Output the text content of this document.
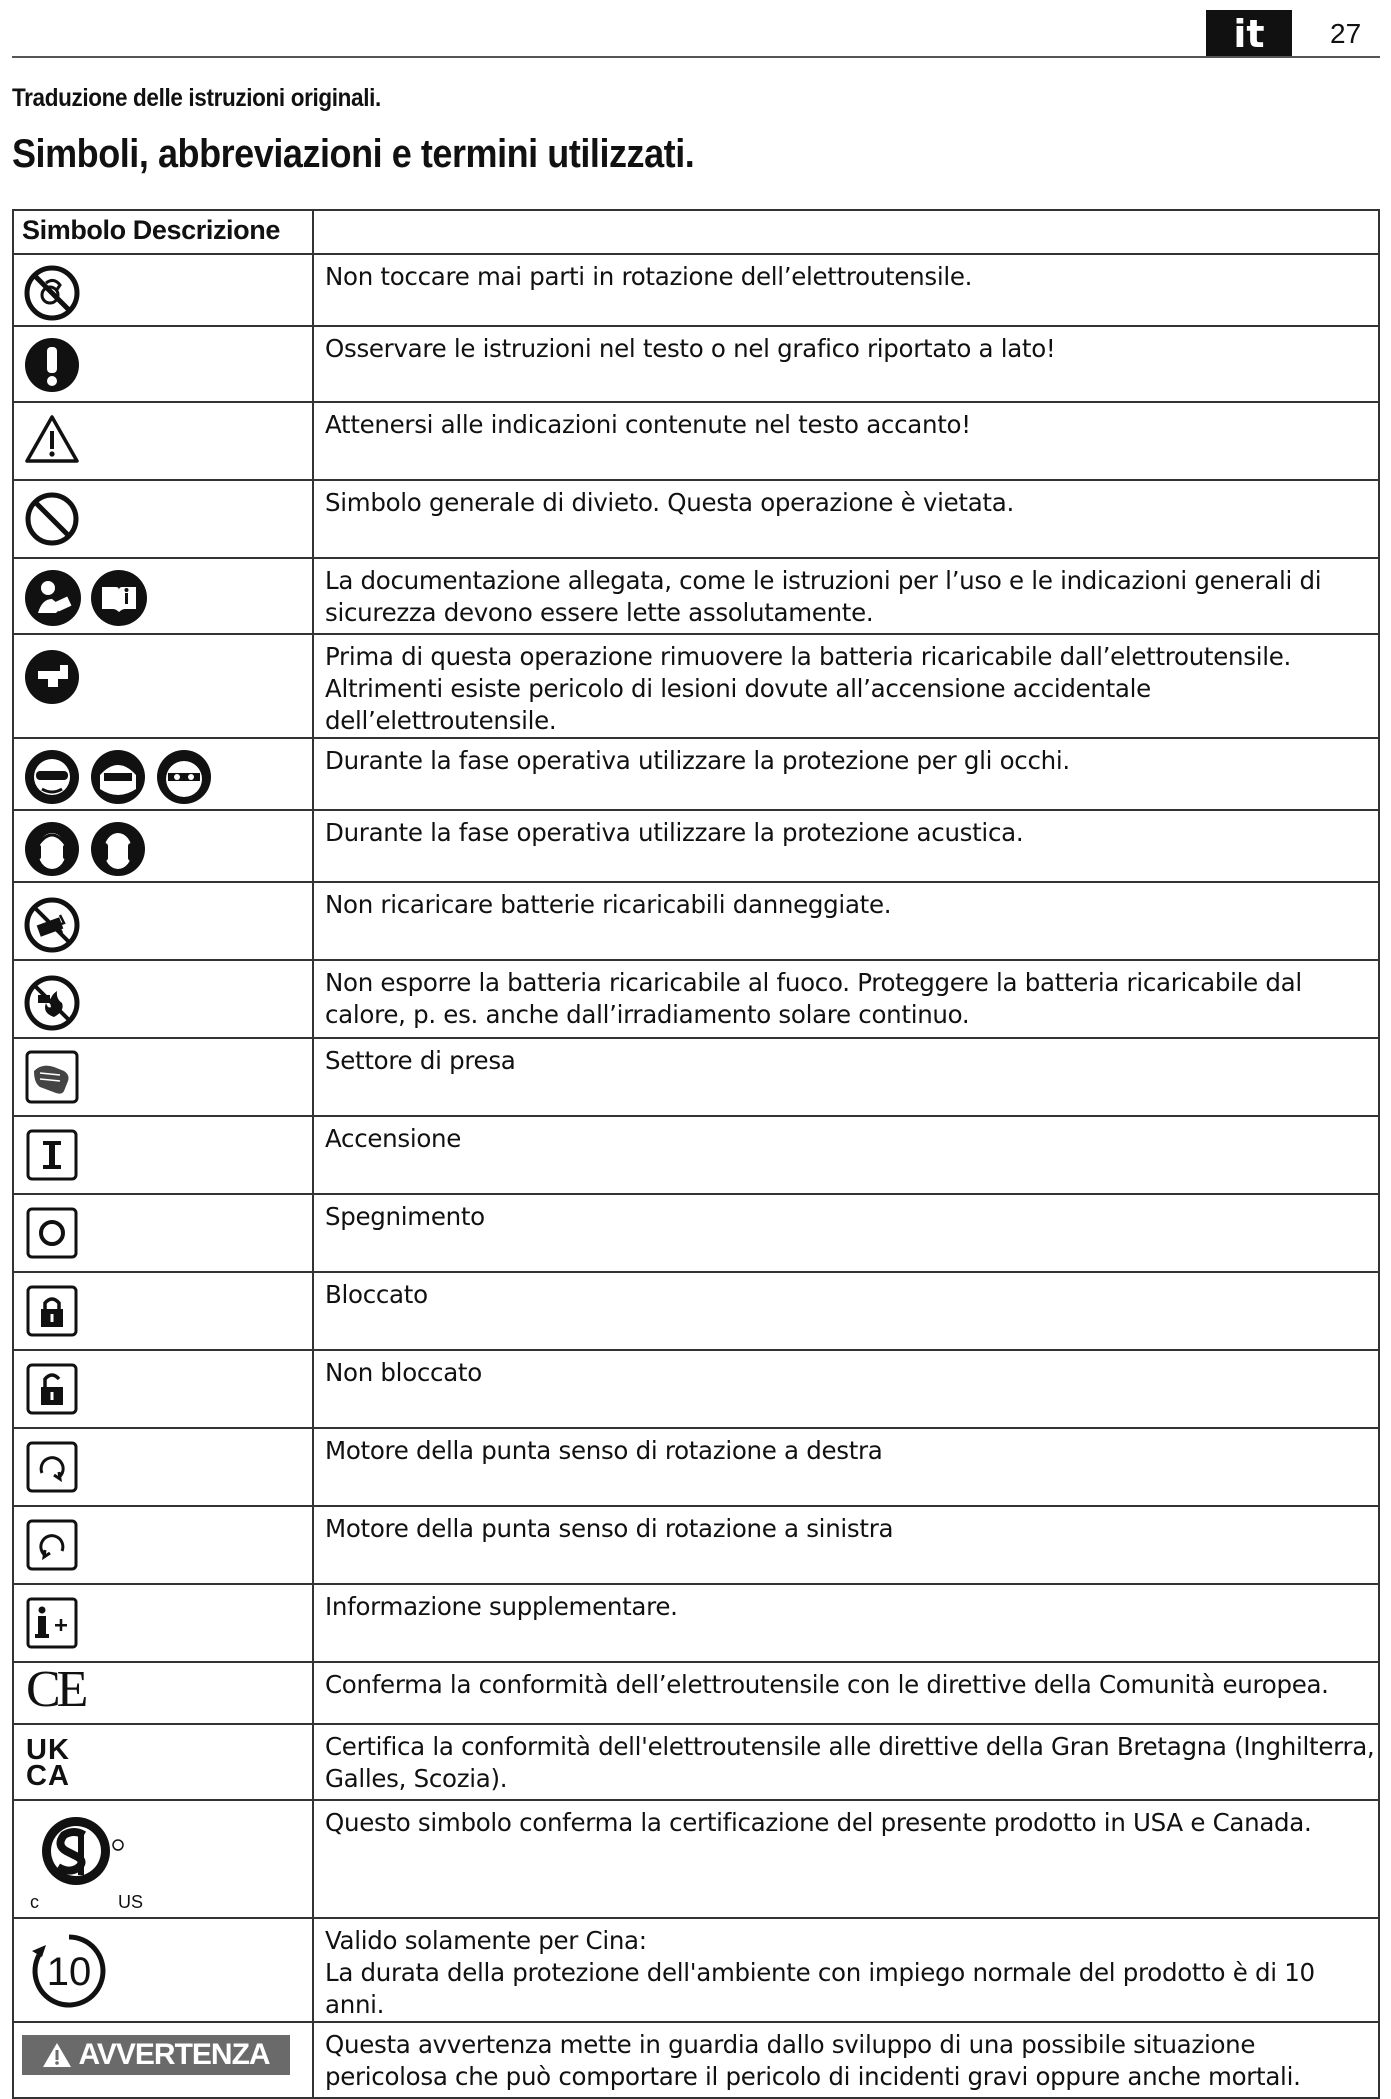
it	27
Traduzione delle istruzioni originali.
Simboli, abbreviazioni e termini utilizzati.
Simbolo Descrizione	

	Non toccare mai parti in rotazione dell’elettroutensile.

	Osservare le istruzioni nel testo o nel grafico riportato a lato!

	Attenersi alle indicazioni contenute nel testo accanto!

	Simbolo generale di divieto. Questa operazione è vietata.

	La documentazione allegata, come le istruzioni per l’uso e le indicazioni generali di sicurezza devono essere lette assolutamente.

	Prima di questa operazione rimuovere la batteria ricaricabile dall’elettroutensile. Altrimenti esiste pericolo di lesioni dovute all’accensione accidentale dell’elettroutensile.

	Durante la fase operativa utilizzare la protezione per gli occhi.

	Durante la fase operativa utilizzare la protezione acustica.

	Non ricaricare batterie ricaricabili danneggiate.

	Non esporre la batteria ricaricabile al fuoco. Proteggere la batteria ricaricabile dal calore, p. es. anche dall’irradiamento solare continuo.

	Settore di presa

	Accensione

	Spegnimento

	Bloccato

	Non bloccato

	Motore della punta senso di rotazione a destra

	Motore della punta senso di rotazione a sinistra

	Informazione supplementare.

CE	Conferma la conformità dell’elettroutensile con le direttive della Comunità europea.

UK
CA	Certifica la conformità dell'elettroutensile alle direttive della Gran Bretagna (Inghilterra, Galles, Scozia).

c US	Questo simbolo conferma la certificazione del presente prodotto in USA e Canada.

10	Valido solamente per Cina:
La durata della protezione dell'ambiente con impiego normale del prodotto è di 10 anni.

AVVERTENZA	Questa avvertenza mette in guardia dallo sviluppo di una possibile situazione pericolosa che può comportare il pericolo di incidenti gravi oppure anche mortali.
